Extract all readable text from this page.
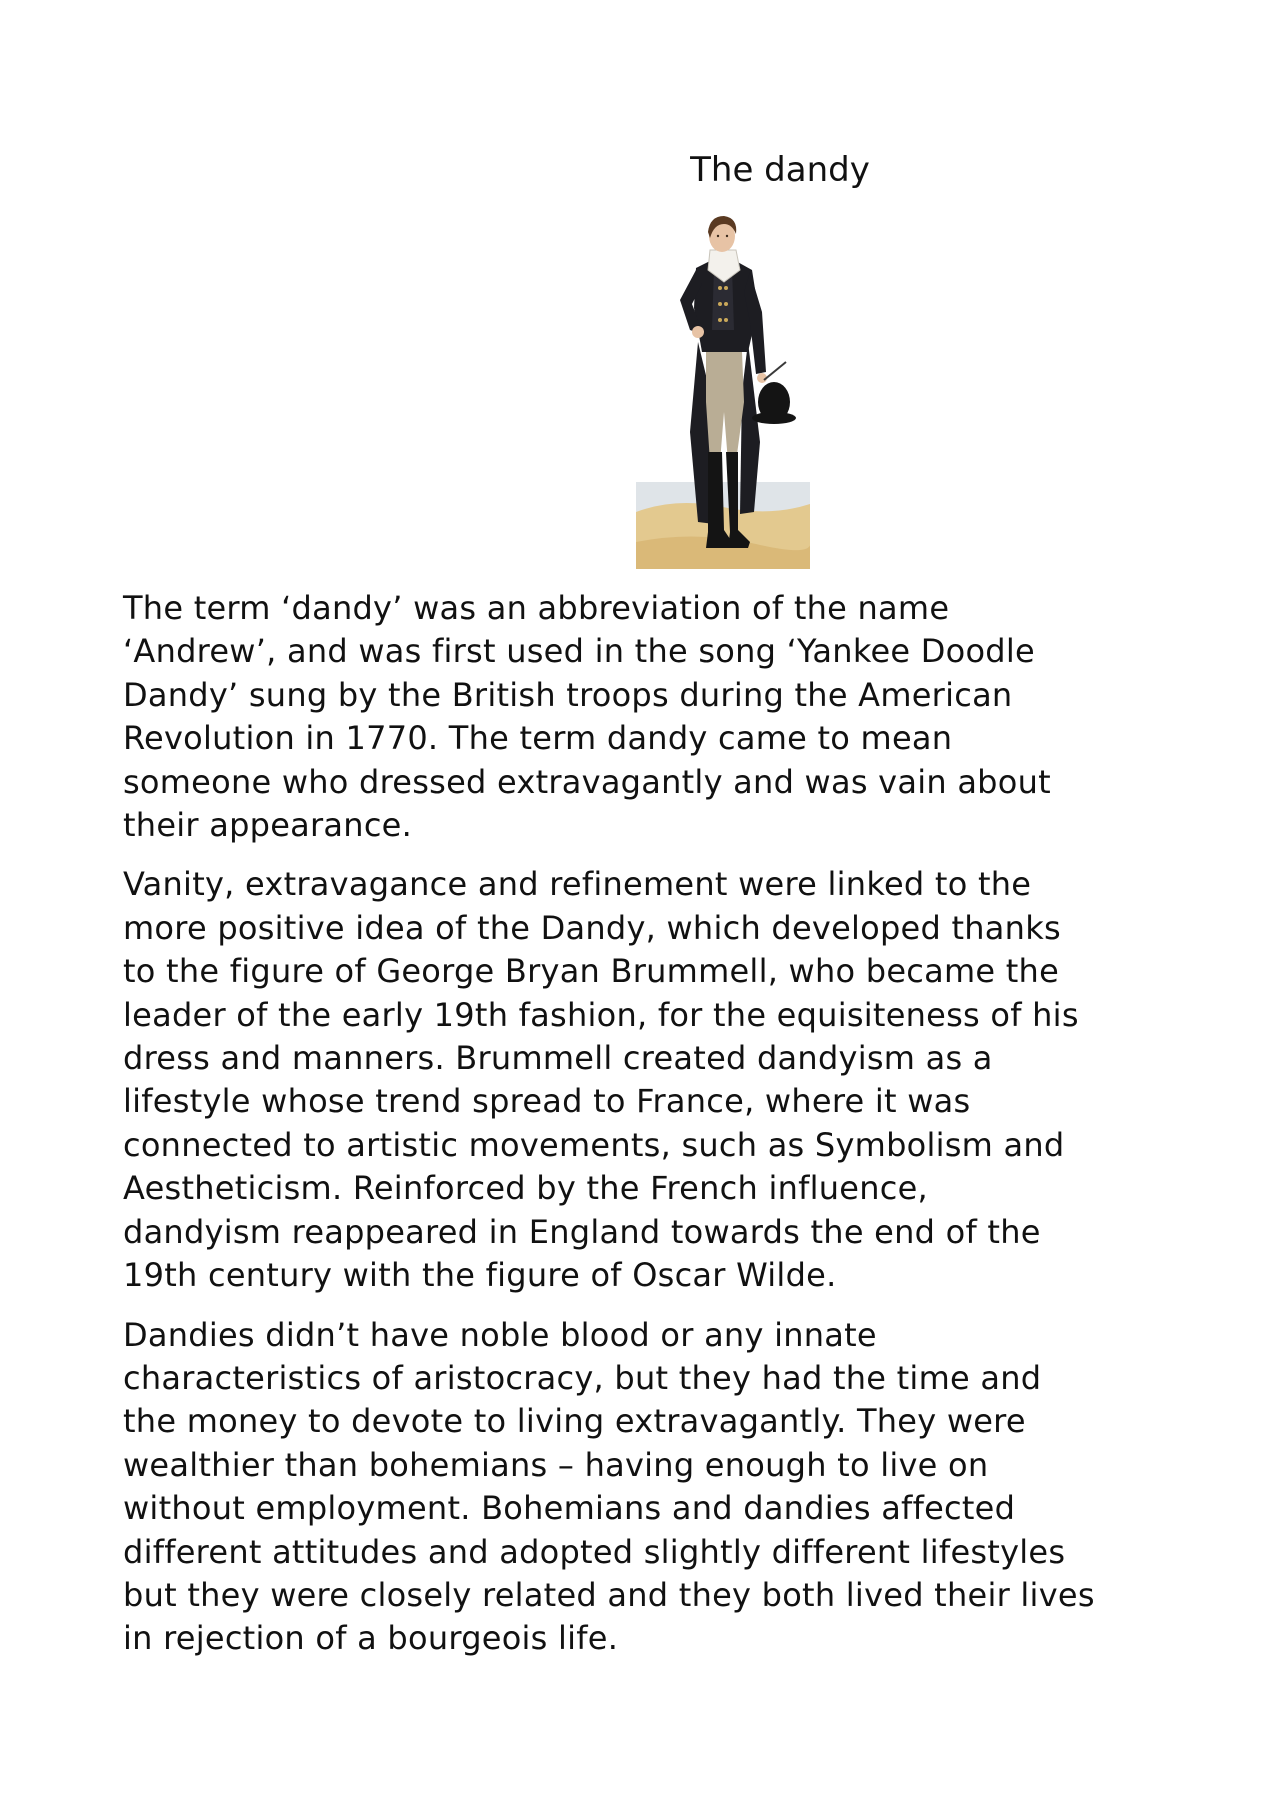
The dandy

The term ‘dandy’ was an abbreviation of the name
‘Andrew’, and was first used in the song ‘Yankee Doodle
Dandy’ sung by the British troops during the American
Revolution in 1770. The term dandy came to mean
someone who dressed extravagantly and was vain about
their appearance.

Vanity, extravagance and refinement were linked to the
more positive idea of the Dandy, which developed thanks
to the figure of George Bryan Brummell, who became the
leader of the early 19th fashion, for the equisiteness of his
dress and manners. Brummell created dandyism as a
lifestyle whose trend spread to France, where it was
connected to artistic movements, such as Symbolism and
Aestheticism. Reinforced by the French influence,
dandyism reappeared in England towards the end of the
19th century with the figure of Oscar Wilde.

Dandies didn’t have noble blood or any innate
characteristics of aristocracy, but they had the time and
the money to devote to living extravagantly. They were
wealthier than bohemians – having enough to live on
without employment. Bohemians and dandies affected
different attitudes and adopted slightly different lifestyles
but they were closely related and they both lived their lives
in rejection of a bourgeois life.
